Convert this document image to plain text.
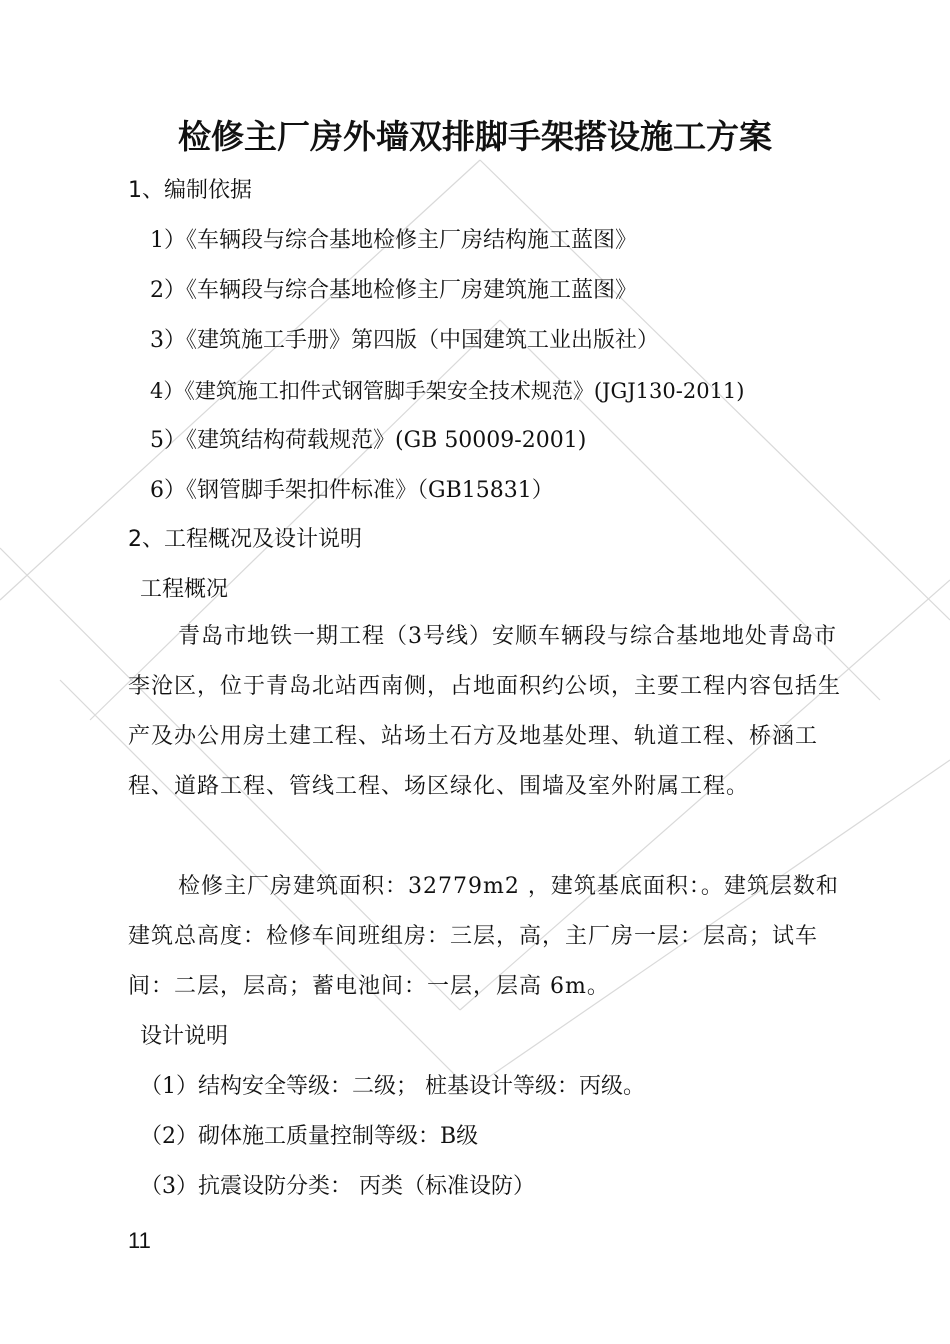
检修主厂房外墙双排脚手架搭设施工方案
1、编制依据
1）《车辆段与综合基地检修主厂房结构施工蓝图》
2）《车辆段与综合基地检修主厂房建筑施工蓝图》
3）《建筑施工手册》第四版（中国建筑工业出版社）
4）《建筑施工扣件式钢管脚手架安全技术规范》(JGJ130-2011)
5）《建筑结构荷载规范》(GB 50009-2001)
6）《钢管脚手架扣件标准》（GB15831）
2、工程概况及设计说明
工程概况
青岛市地铁一期工程（3号线）安顺车辆段与综合基地地处青岛市李沧区，位于青岛北站西南侧，占地面积约公顷，主要工程内容包括生产及办公用房土建工程、站场土石方及地基处理、轨道工程、桥涵工程、道路工程、管线工程、场区绿化、围墙及室外附属工程。
检修主厂房建筑面积：32779m2 ，建筑基底面积：。建筑层数和建筑总高度：检修车间班组房：三层，高，主厂房一层：层高；试车间：二层，层高；蓄电池间：一层，层高 6m。
设计说明
（1）结构安全等级：二级； 桩基设计等级：丙级。
（2）砌体施工质量控制等级：B级
（3）抗震设防分类： 丙类（标准设防）
11
